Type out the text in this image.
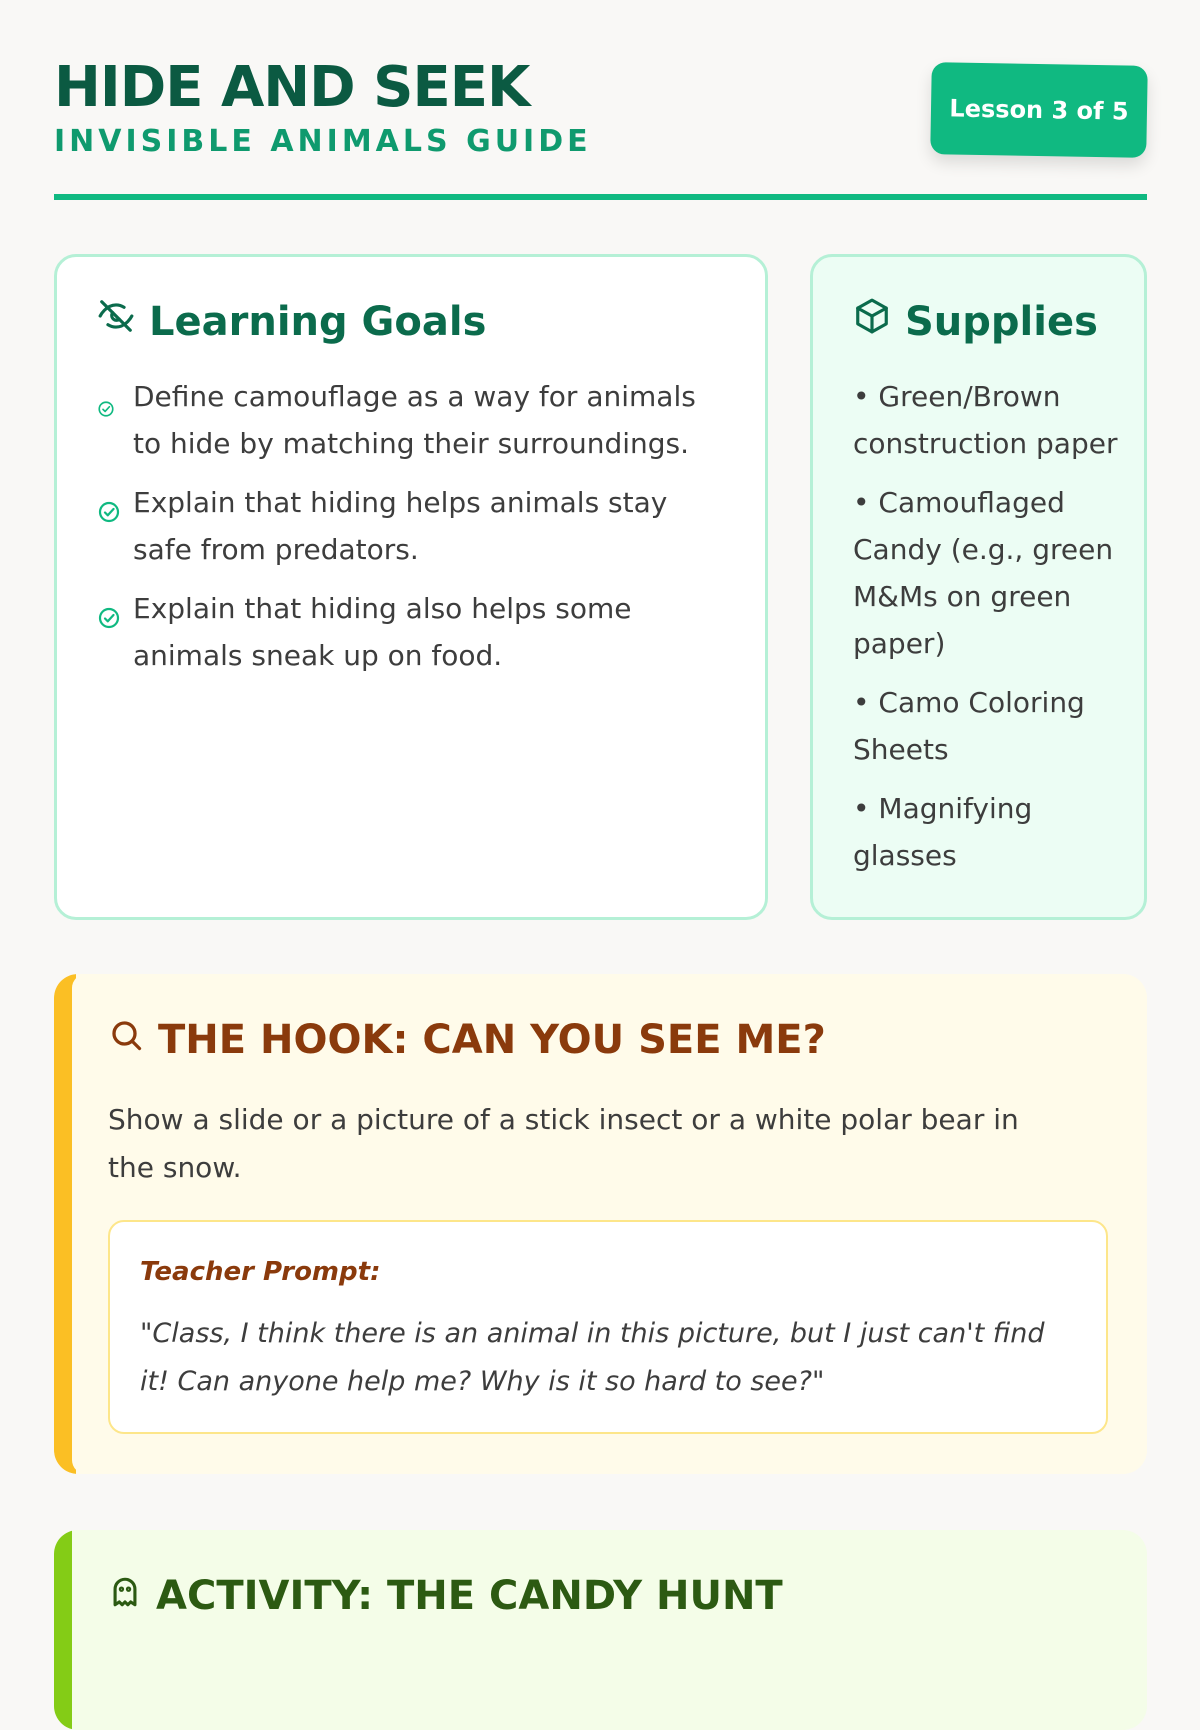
HIDE AND SEEK
INVISIBLE ANIMALS GUIDE
Lesson 3 of 5
Learning Goals
Define camouflage as a way for animals to hide by matching their surroundings.
Explain that hiding helps animals stay safe from predators.
Explain that hiding also helps some animals sneak up on food.
Supplies
• Green/Brown construction paper
• Camouflaged Candy (e.g., green M&Ms on green paper)
• Camo Coloring Sheets
• Magnifying glasses
THE HOOK: CAN YOU SEE ME?

Show a slide or a picture of a stick insect or a white polar bear in the snow.

Teacher Prompt:

"Class, I think there is an animal in this picture, but I just can't find it! Can anyone help me? Why is it so hard to see?"

ACTIVITY: THE CANDY HUNT
